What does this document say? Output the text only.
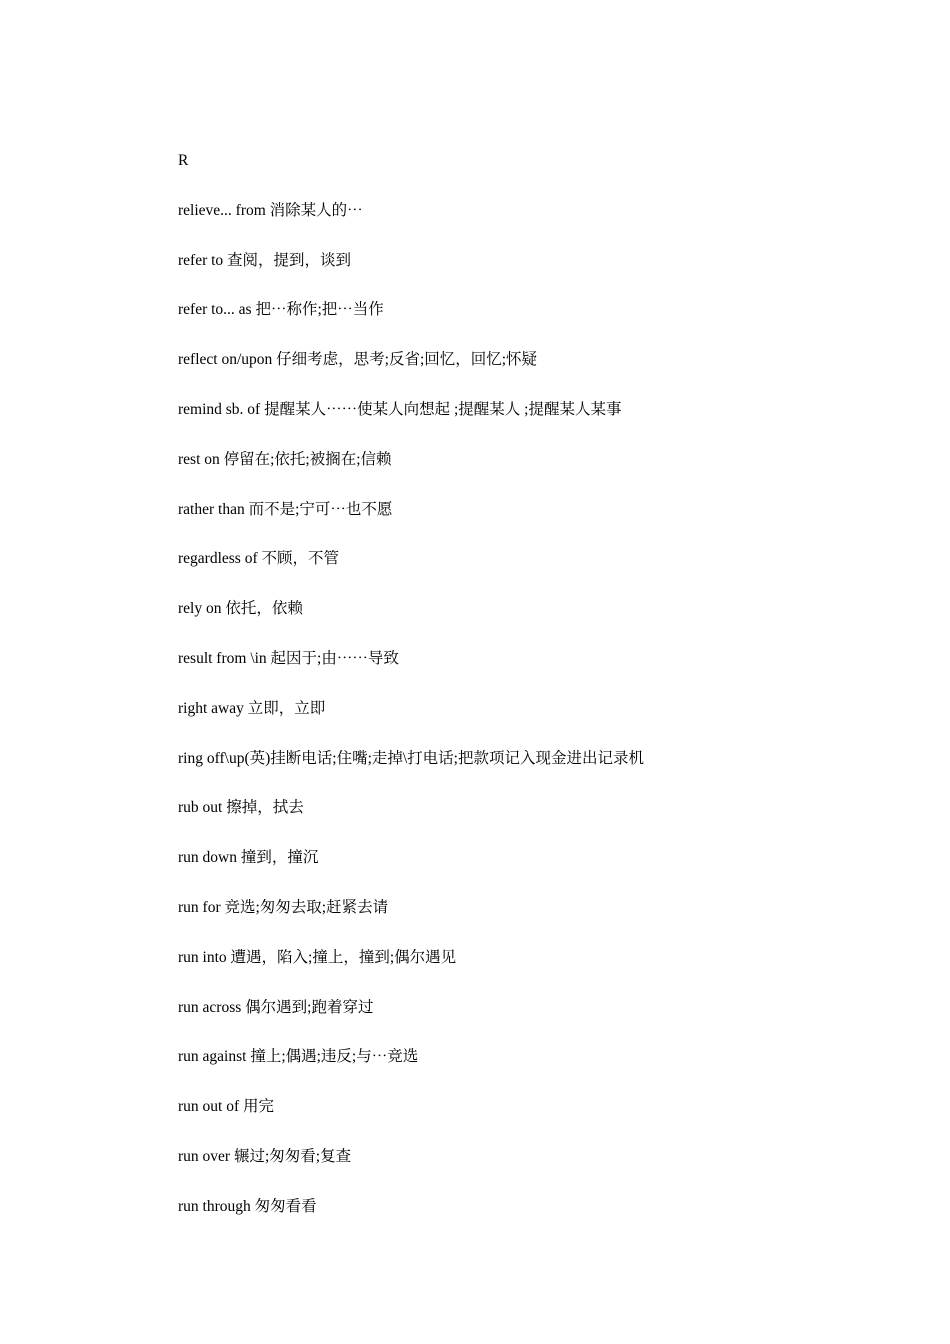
R
relieve... from 消除某人的⋯
refer to 查阅，提到，谈到
refer to... as 把⋯称作;把⋯当作
reflect on/upon 仔细考虑，思考;反省;回忆，回忆;怀疑
remind sb. of 提醒某人⋯⋯使某人向想起 ;提醒某人 ;提醒某人某事
rest on 停留在;依托;被搁在;信赖
rather than 而不是;宁可⋯也不愿
regardless of 不顾，不管
rely on 依托，依赖
result from \in 起因于;由⋯⋯导致
right away 立即，立即
ring off\up(英)挂断电话;住嘴;走掉\打电话;把款项记入现金进出记录机
rub out 擦掉，拭去
run down 撞到，撞沉
run for 竞选;匆匆去取;赶紧去请
run into 遭遇，陷入;撞上，撞到;偶尔遇见
run across 偶尔遇到;跑着穿过
run against 撞上;偶遇;违反;与⋯竞选
run out of 用完
run over 辗过;匆匆看;复查
run through 匆匆看看
